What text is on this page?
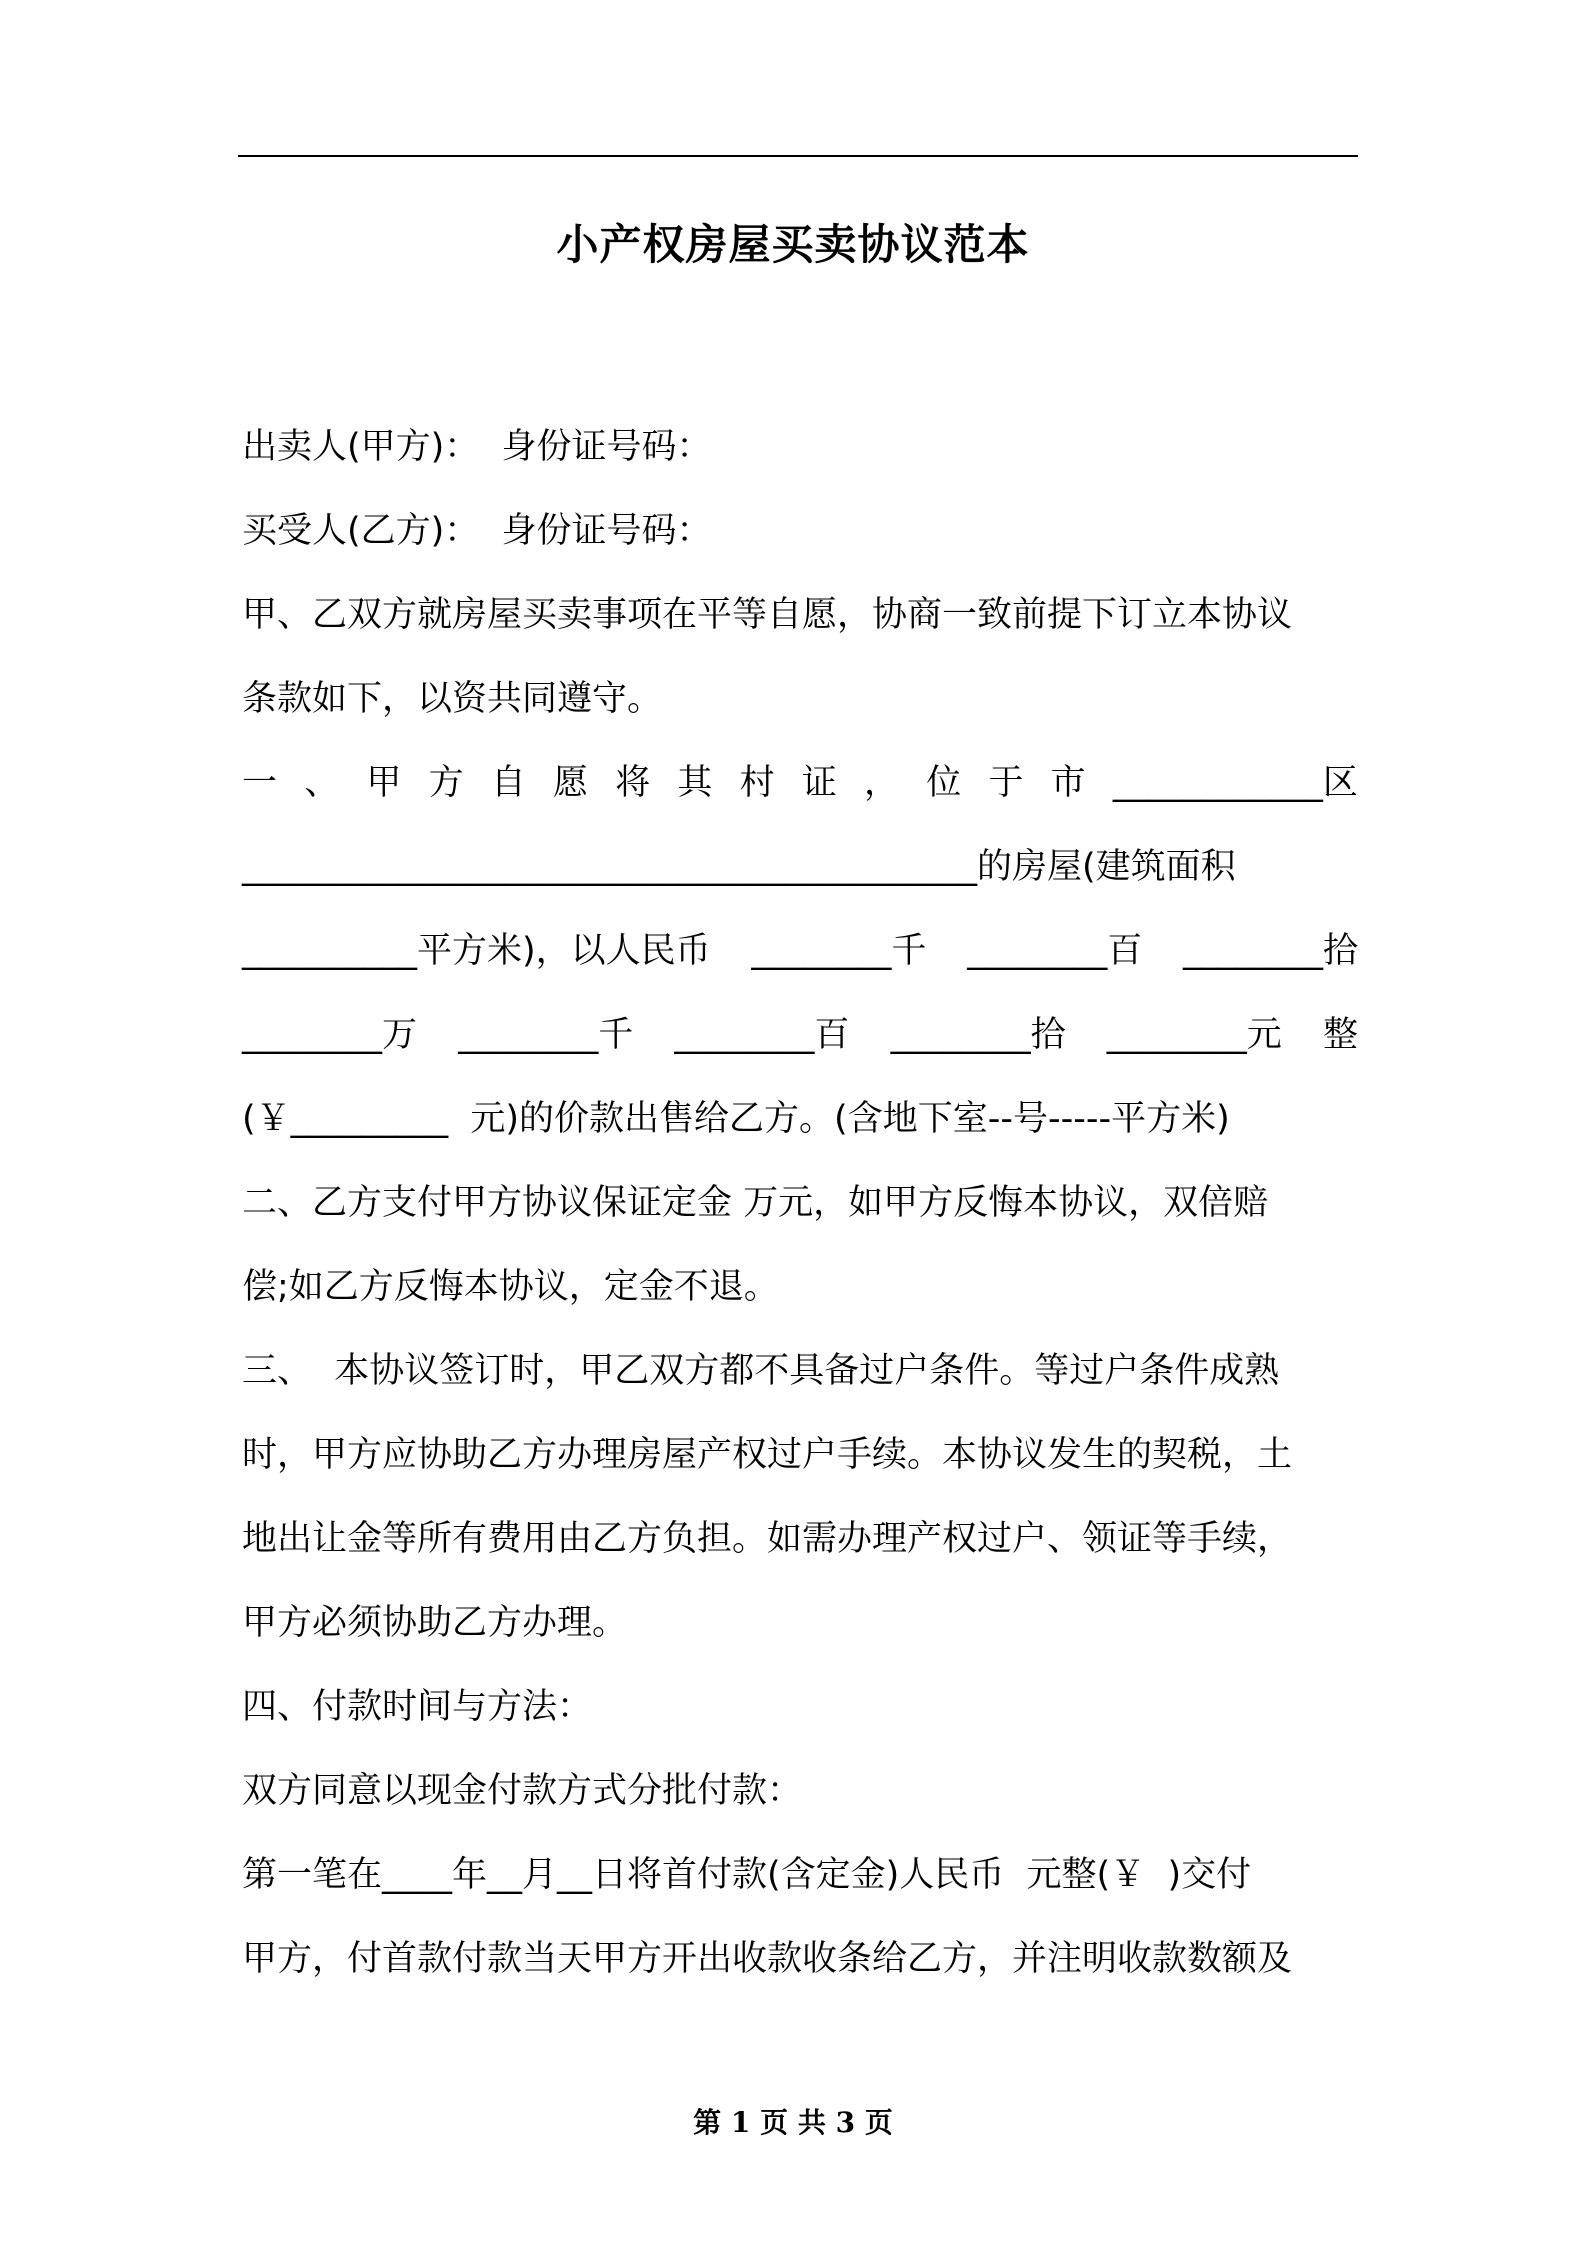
小产权房屋买卖协议范本
出卖人(甲方)：  身份证号码：
买受人(乙方)：  身份证号码：
甲、乙双方就房屋买卖事项在平等自愿，协商一致前提下订立本协议
条款如下，以资共同遵守。
一 、 甲 方 自 愿 将 其 村 证 ， 位 于 市 ____________区
__________________________________________的房屋(建筑面积
__________平方米)，以人民币 ________千 ________百 ________拾
________万 ________千 ________百 ________拾 ________元 整
(￥_________  元)的价款出售给乙方。(含地下室--号-----平方米)
二、乙方支付甲方协议保证定金 万元，如甲方反悔本协议，双倍赔
偿;如乙方反悔本协议，定金不退。
三、  本协议签订时，甲乙双方都不具备过户条件。等过户条件成熟
时，甲方应协助乙方办理房屋产权过户手续。本协议发生的契税，土
地出让金等所有费用由乙方负担。如需办理产权过户、领证等手续，
甲方必须协助乙方办理。
四、付款时间与方法：
双方同意以现金付款方式分批付款：
第一笔在____年__月__日将首付款(含定金)人民币  元整(￥  )交付
甲方，付首款付款当天甲方开出收款收条给乙方，并注明收款数额及
第 1 页 共 3 页
